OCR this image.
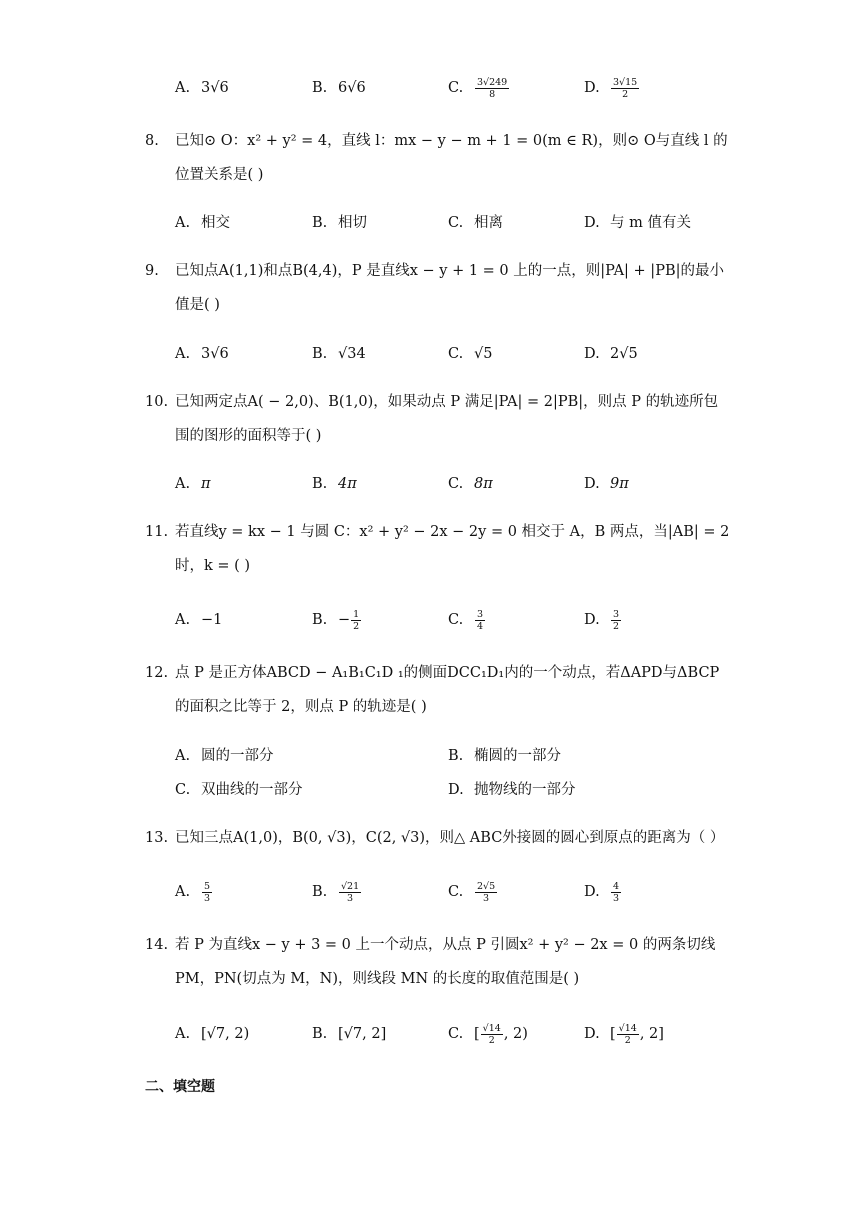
A. 3√6	B. 6√6	C. $\frac{3√249}{8}$	D. $\frac{3√15}{2}$
8. 已知⊙ O：x² + y² = 4，直线 l：mx − y − m + 1 = 0(m ∈ R)，则⊙ O与直线 l 的
位置关系是( )
A. 相交	B. 相切	C. 相离	D. 与 m 值有关
9. 已知点A(1,1)和点B(4,4)，P 是直线x − y + 1 = 0 上的一点，则|PA| + |PB|的最小
值是( )
A. 3√6	B. √34	C. √5	D. 2√5
10. 已知两定点A( − 2,0)、B(1,0)，如果动点 P 满足|PA| = 2|PB|，则点 P 的轨迹所包
围的图形的面积等于( )
A. π	B. 4π	C. 8π	D. 9π
11. 若直线y = kx − 1 与圆 C：x² + y² − 2x − 2y = 0 相交于 A，B 两点，当|AB| = 2
时，k = ( )
A. −1	B. − $\frac{1}{2}$	C. $\frac{3}{4}$	D. $\frac{3}{2}$
12. 点 P 是正方体ABCD − A₁B₁C₁D ₁的侧面DCC₁D₁内的一个动点，若ΔAPD与ΔBCP
的面积之比等于 2，则点 P 的轨迹是( )
A. 圆的一部分	B. 椭圆的一部分
C. 双曲线的一部分	D. 抛物线的一部分
13. 已知三点A(1,0)，B(0, √3)，C(2, √3)，则△ ABC外接圆的圆心到原点的距离为（ ）
A. $\frac{5}{3}$	B. $\frac{√21}{3}$	C. $\frac{2√5}{3}$	D. $\frac{4}{3}$
14. 若 P 为直线x − y + 3 = 0 上一个动点，从点 P 引圆x² + y² − 2x = 0 的两条切线
PM，PN(切点为 M，N)，则线段 MN 的长度的取值范围是( )
A. [√7, 2)	B. [√7, 2]	C. [ $\frac{√14}{2}$ , 2)	D. [ $\frac{√14}{2}$ , 2]
二、填空题
